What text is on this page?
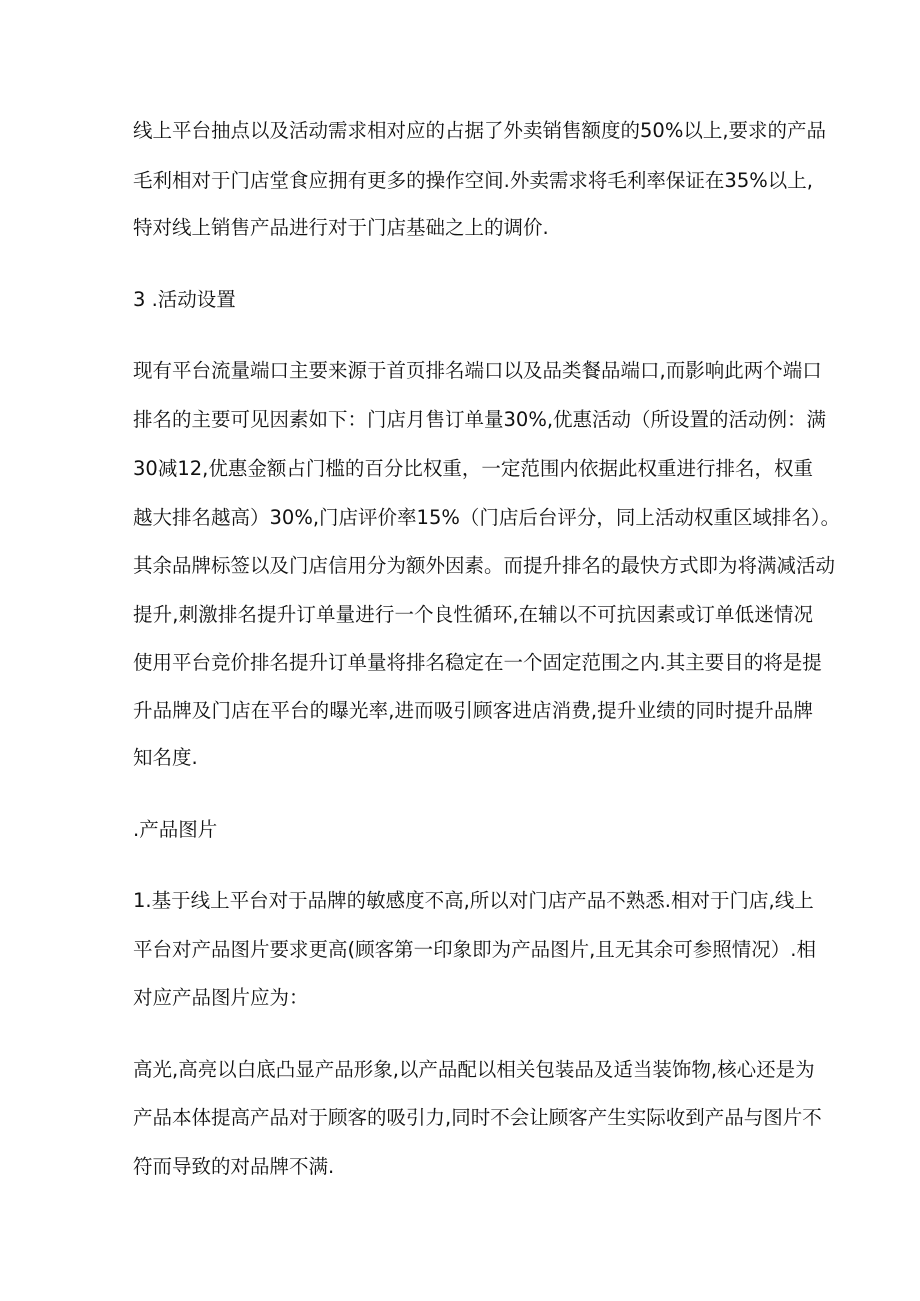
线上平台抽点以及活动需求相对应的占据了外卖销售额度的50%以上,要求的产品
毛利相对于门店堂食应拥有更多的操作空间.外卖需求将毛利率保证在35%以上,
特对线上销售产品进行对于门店基础之上的调价.
3 .活动设置
现有平台流量端口主要来源于首页排名端口以及品类餐品端口,而影响此两个端口
排名的主要可见因素如下：门店月售订单量30%,优惠活动（所设置的活动例：满
30减12,优惠金额占门槛的百分比权重，一定范围内依据此权重进行排名，权重
越大排名越高）30%,门店评价率15%（门店后台评分，同上活动权重区域排名）。
其余品牌标签以及门店信用分为额外因素。而提升排名的最快方式即为将满减活动
提升,刺激排名提升订单量进行一个良性循环,在辅以不可抗因素或订单低迷情况
使用平台竞价排名提升订单量将排名稳定在一个固定范围之内.其主要目的将是提
升品牌及门店在平台的曝光率,进而吸引顾客进店消费,提升业绩的同时提升品牌
知名度.
.产品图片
1.基于线上平台对于品牌的敏感度不高,所以对门店产品不熟悉.相对于门店,线上
平台对产品图片要求更高(顾客第一印象即为产品图片,且无其余可参照情况）.相
对应产品图片应为：
高光,高亮以白底凸显产品形象,以产品配以相关包装品及适当装饰物,核心还是为
产品本体提高产品对于顾客的吸引力,同时不会让顾客产生实际收到产品与图片不
符而导致的对品牌不满.
